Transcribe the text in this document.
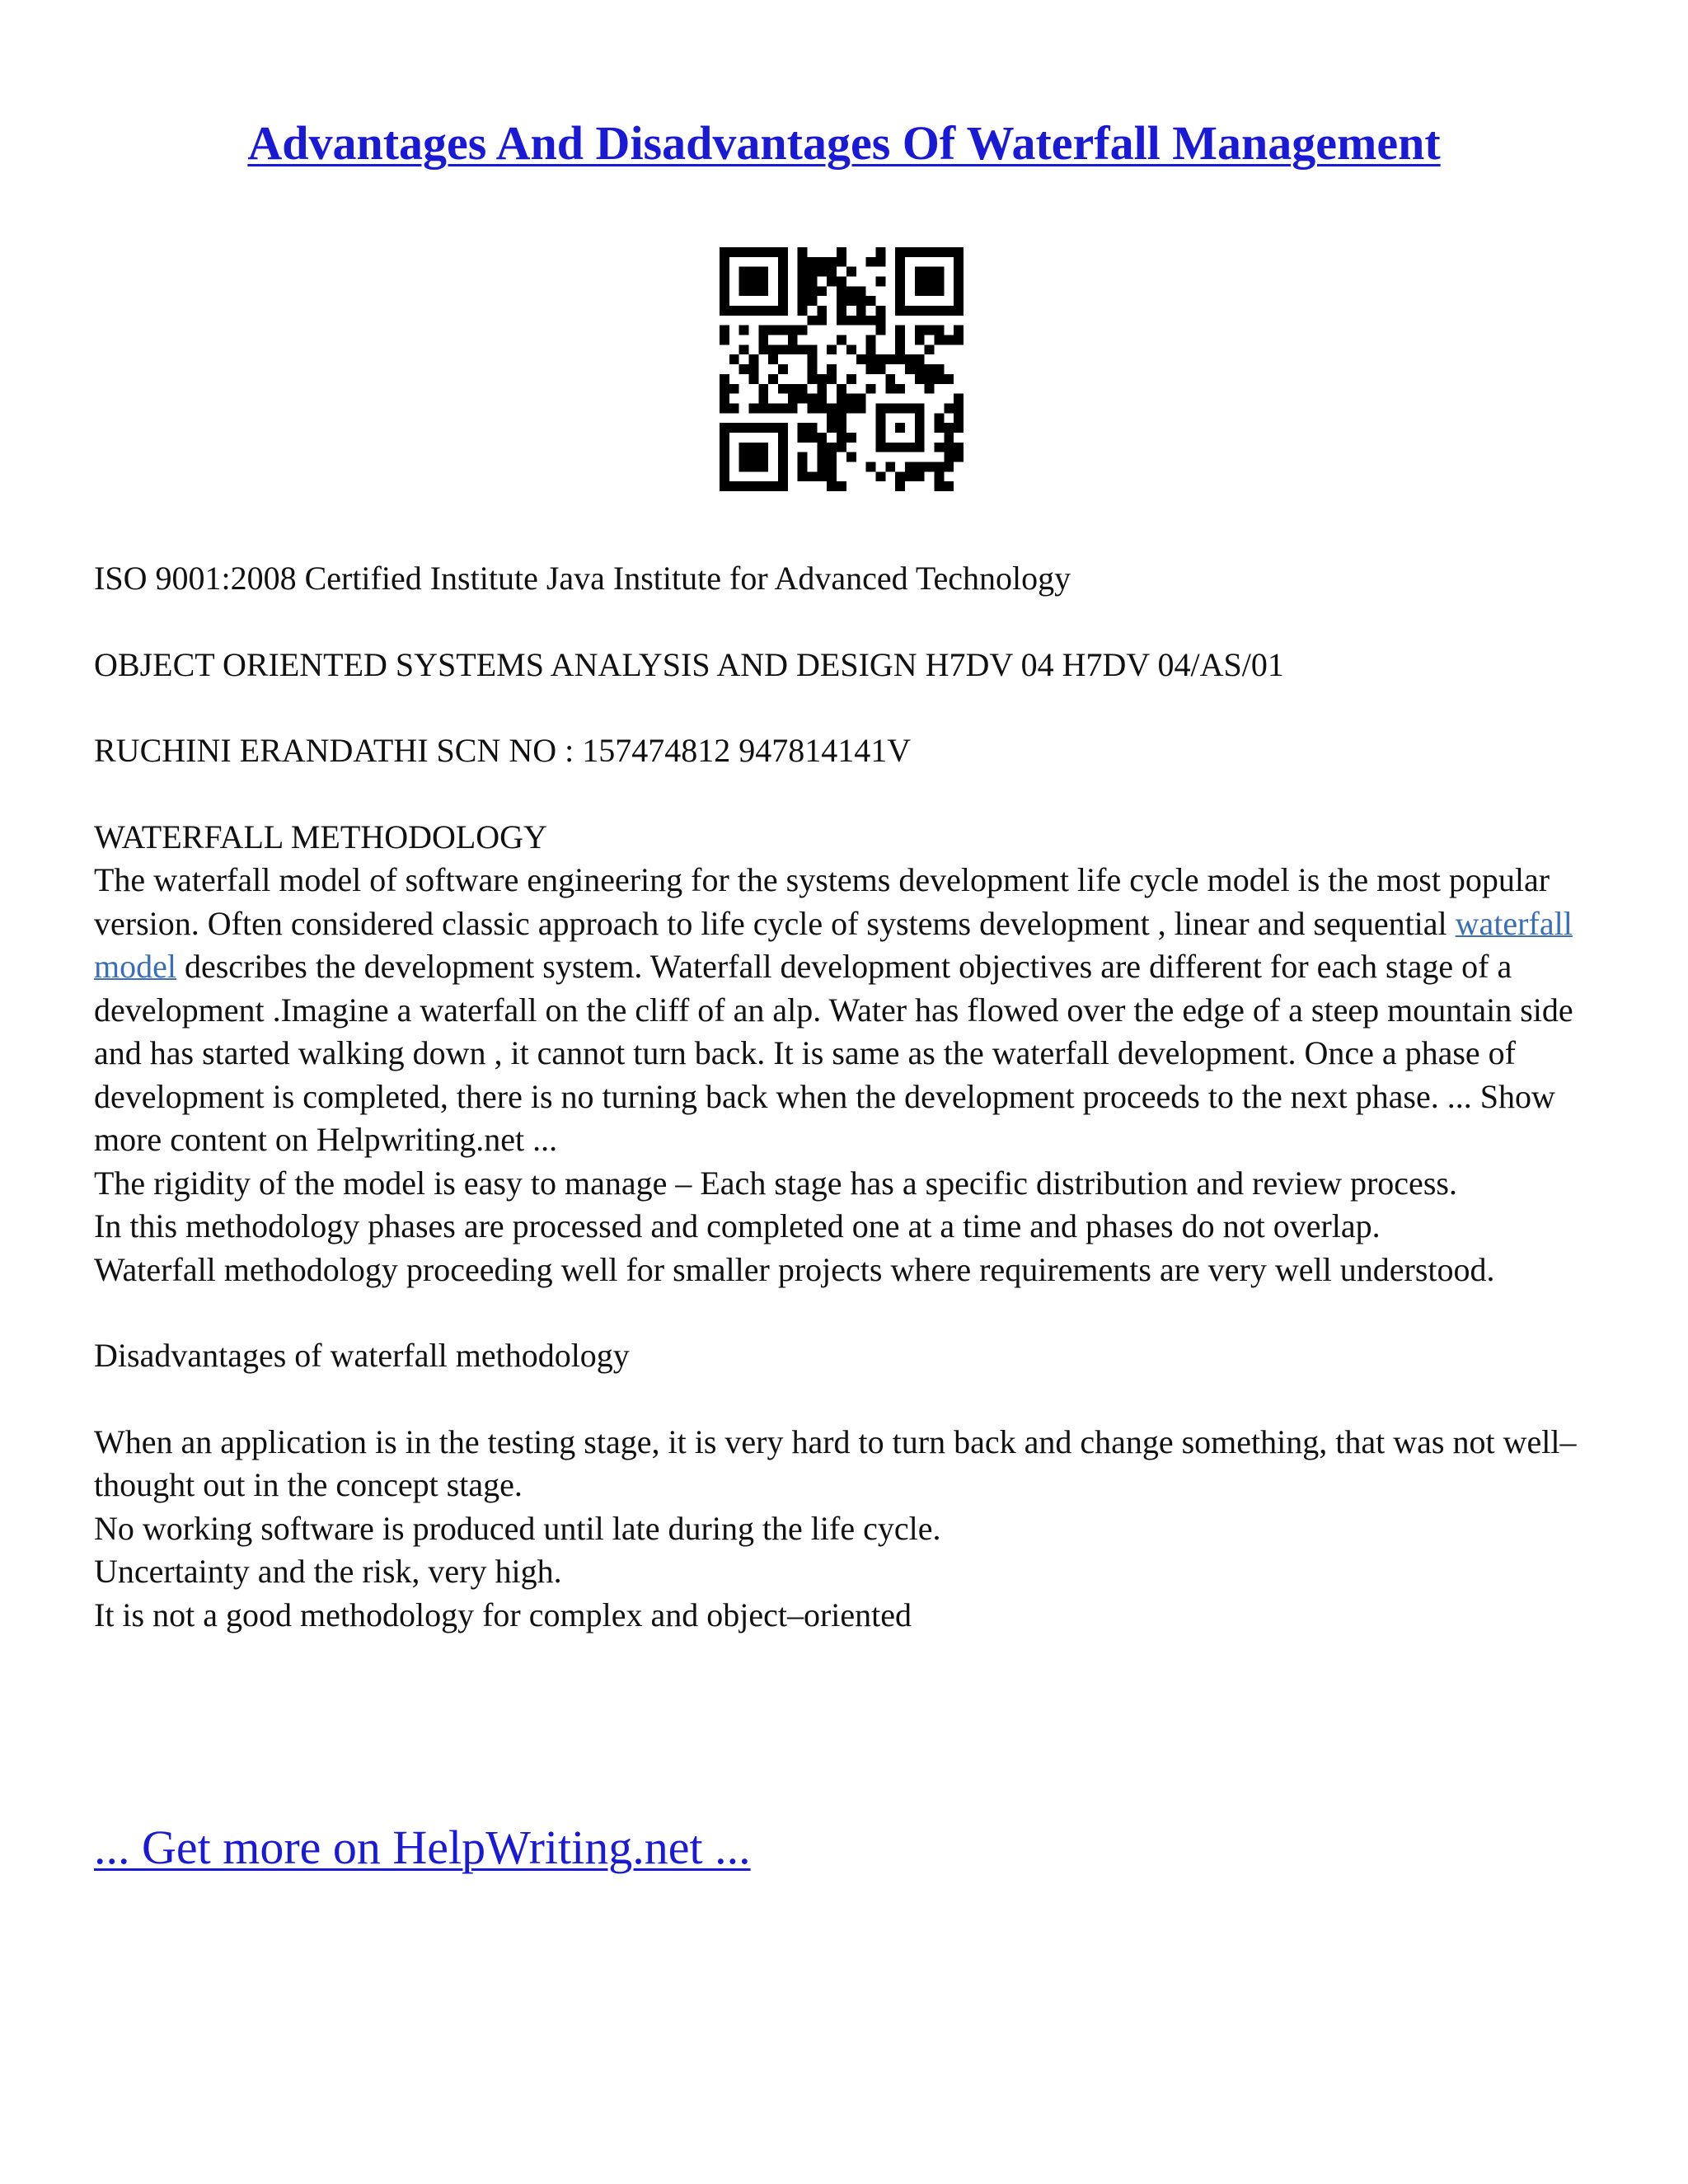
Advantages And Disadvantages Of Waterfall Management

ISO 9001:2008 Certified Institute Java Institute for Advanced Technology

OBJECT ORIENTED SYSTEMS ANALYSIS AND DESIGN H7DV 04 H7DV 04/AS/01

RUCHINI ERANDATHI SCN NO : 157474812 947814141V

WATERFALL METHODOLOGY

The waterfall model of software engineering for the systems development life cycle model is the most popular version. Often considered classic approach to life cycle of systems development , linear and sequential waterfall model describes the development system. Waterfall development objectives are different for each stage of a development .Imagine a waterfall on the cliff of an alp. Water has flowed over the edge of a steep mountain side and has started walking down , it cannot turn back. It is same as the waterfall development. Once a phase of development is completed, there is no turning back when the development proceeds to the next phase. ... Show more content on Helpwriting.net ...

The rigidity of the model is easy to manage – Each stage has a specific distribution and review process.

In this methodology phases are processed and completed one at a time and phases do not overlap.

Waterfall methodology proceeding well for smaller projects where requirements are very well understood.

Disadvantages of waterfall methodology

When an application is in the testing stage, it is very hard to turn back and change something, that was not well–thought out in the concept stage.

No working software is produced until late during the life cycle.

Uncertainty and the risk, very high.

It is not a good methodology for complex and object–oriented

... Get more on HelpWriting.net ...
